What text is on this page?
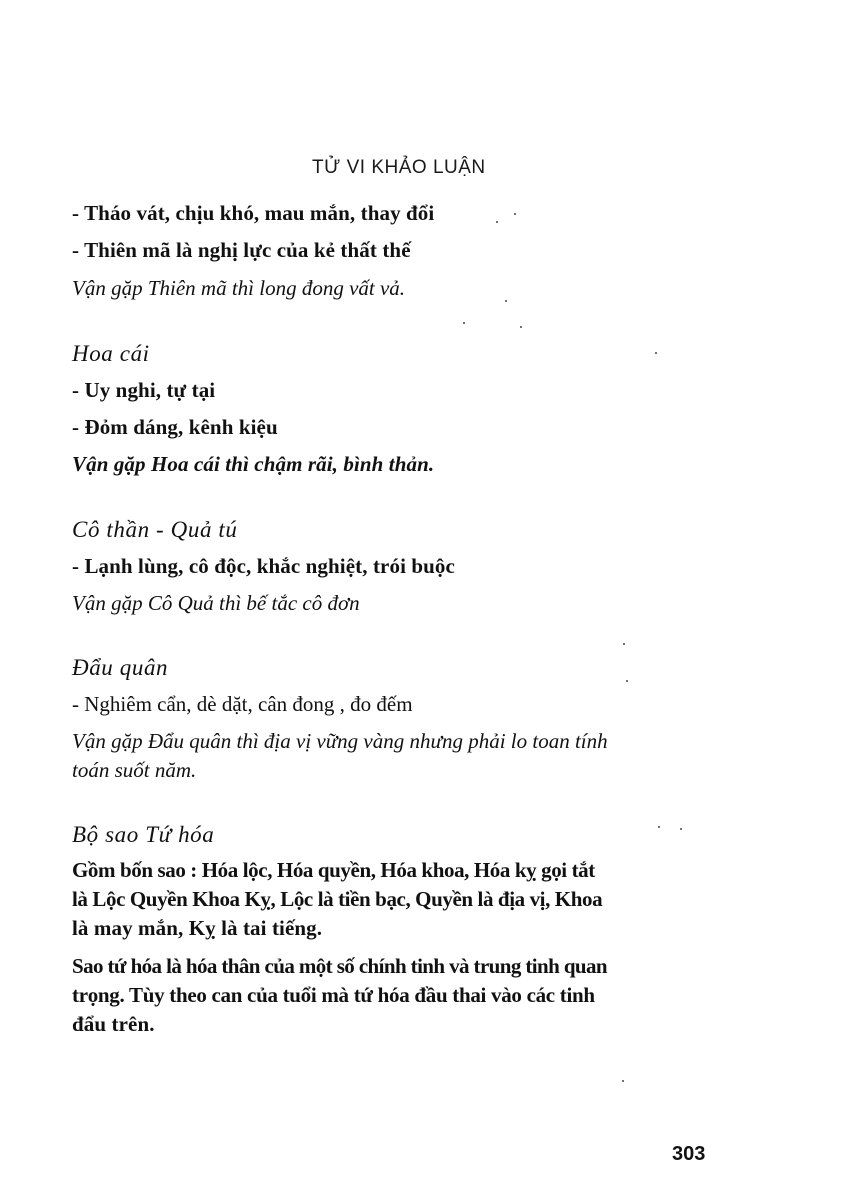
TỬ VI KHẢO LUẬN
- Tháo vát, chịu khó, mau mắn, thay đổi
- Thiên mã là nghị lực của kẻ thất thế
Vận gặp Thiên mã thì long đong vất vả.
Hoa cái
- Uy nghi, tự tại
- Đỏm dáng, kênh kiệu
Vận gặp Hoa cái thì chậm rãi, bình thản.
Cô thần - Quả tú
- Lạnh lùng, cô độc, khắc nghiệt, trói buộc
Vận gặp Cô Quả thì bế tắc cô đơn
Đẩu quân
- Nghiêm cẩn, dè dặt, cân đong , đo đếm
Vận gặp Đẩu quân thì địa vị vững vàng nhưng phải lo toan tính
toán suốt năm.
Bộ sao Tứ hóa
Gồm bốn sao : Hóa lộc, Hóa quyền, Hóa khoa, Hóa kỵ gọi tắt
là Lộc Quyền Khoa Kỵ, Lộc là tiền bạc, Quyền là địa vị, Khoa
là may mắn, Kỵ là tai tiếng.
Sao tứ hóa là hóa thân của một số chính tinh và trung tinh quan
trọng. Tùy theo can của tuổi mà tứ hóa đầu thai vào các tinh
đẩu trên.
303
